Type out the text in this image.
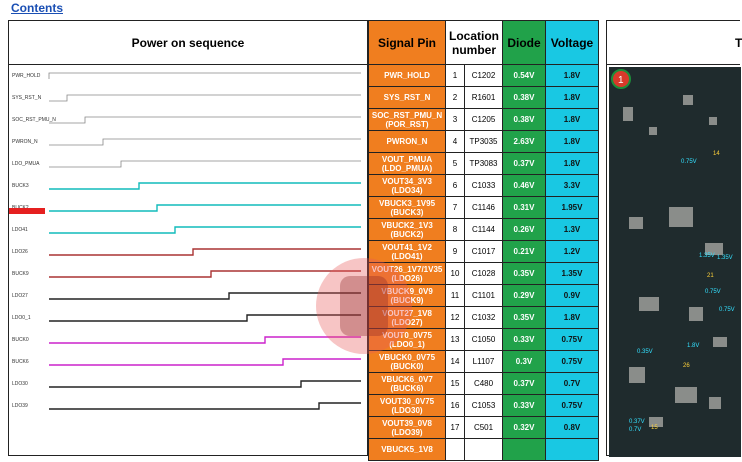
Contents
Power on sequence
PWR_HOLD
SYS_RST_N
SOC_RST_PMU_N
PWRON_N
LDO_PMUA
BUCK3
LDO41
LDO26
BUCK9
LDO27
LDO0_1
BUCK0
BUCK6
LDO30
LDO39
Signal Pin	Location number		Diode	Voltage
PWR_HOLD	1	C1202	0.54V	1.8V
SYS_RST_N	2	R1601	0.38V	1.8V
SOC_RST_PMU_N (POR_RST)	3	C1205	0.38V	1.8V
PWRON_N	4	TP3035	2.63V	1.8V
VOUT_PMUA (LDO_PMUA)	5	TP3083	0.37V	1.8V
VOUT34_3V3 (LDO34)	6	C1033	0.46V	3.3V
VBUCK3_1V95 (BUCK3)	7	C1146	0.31V	1.95V
VBUCK2_1V3 (BUCK2)	8	C1144	0.26V	1.3V
VOUT41_1V2 (LDO41)	9	C1017	0.21V	1.2V
VOUT26_1V7/1V35 (LDO26)	10	C1028	0.35V	1.35V
VBUCK9_0V9 (BUCK9)	11	C1101	0.29V	0.9V
VOUT27_1V8 (LDO27)	12	C1032	0.35V	1.8V
VOUT0_0V75 (LDO0_1)	13	C1050	0.33V	0.75V
VBUCK0_0V75 (BUCK0)	14	L1107	0.3V	0.75V
VBUCK6_0V7 (BUCK6)	15	C480	0.37V	0.7V
VOUT30_0V75 (LDO30)	16	C1053	0.33V	0.75V
VOUT39_0V8 (LDO39)	17	C501	0.32V	0.8V
VBUCK5_1V8				
T
1
0.75V
14
1.35V 1.35V
21
0.75V
0.75V
0.35V
1.8V
26
0.37V
0.7V 15
